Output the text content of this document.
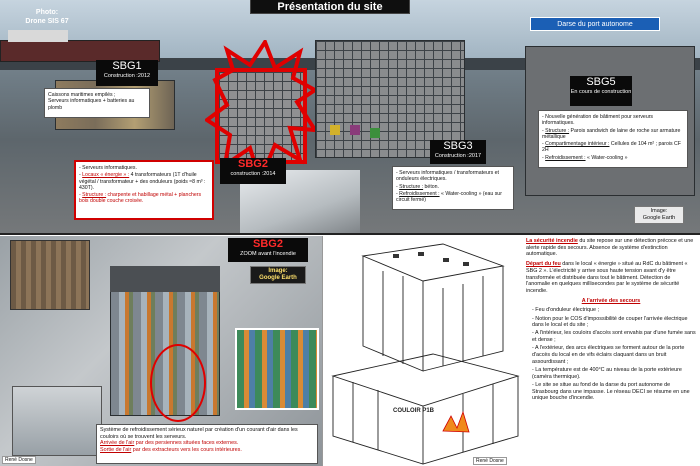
Présentation du site
Photo:
Drone SIS 67	Darse du port autonome
SBG1
Construction :2012
Caissons maritimes empilés ;
Serveurs informatiques + batteries au plomb
SBG2
construction :2014
- Serveurs informatiques.
- Locaux « énergie » : 4 transformateurs (1T d'huile végétal / transformateur + des onduleurs (poids ≈8 m³ : 430T).
- Structure : charpente et habillage métal + planchers bois double couche croisée.
SBG3
Construction :2017
- Serveurs informatiques / transformateurs et onduleurs électriques.
- Structure : béton.
- Refroidissement : « Water-cooling » (eau sur circuit fermé)
SBG5
En cours de construction
- Nouvelle génération de bâtiment pour serveurs informatiques.
- Structure : Parois sandwich de laine de roche sur armature métallique
- Compartimentage intérieur : Cellules de 104 m² ; parois CF 2H
- Refroidissement : « Water-cooling »
Image:
Google Earth
SBG2
ZOOM avant l'incendie
Image:
Google Earth
Système de refroidissement sérieux naturel par création d'un courant d'air dans les couloirs où se trouvent les serveurs.
Arrivée de l'air par des persiennes situées faces externes.
Sortie de l'air par des extracteurs vers les cours intérieures.
René Dosne
COULOIR P1B
René Dosne

La sécurité incendie du site repose sur une détection précoce et une alerte rapide des secours. Absence de système d'extinction automatique.

Départ du feu dans le local « énergie » situé au RdC du bâtiment « SBG 2 ». L'électricité y arrive sous haute tension avant d'y être transformée et distribuée dans tout le bâtiment. Détection de l'anomalie en quelques millisecondes par le système de sécurité incendie.

A l'arrivée des secours
- Feu d'onduleur électrique ;
- Notion pour le COS d'impossibilité de couper l'arrivée électrique dans le local et du site ;
- A l'intérieur, les couloirs d'accès sont envahis par d'une fumée sans et dense ;
- A l'extérieur, des arcs électriques se forment autour de la porte d'accès du local en de vifs éclairs claquant dans un bruit assourdissant ;
- La température est de 400°C au niveau de la porte extérieure (caméra thermique).
- Le site se situe au fond de la darse du port autonome de Strasbourg dans une impasse. Le réseau DECI se résume en une unique bouche d'incendie.
